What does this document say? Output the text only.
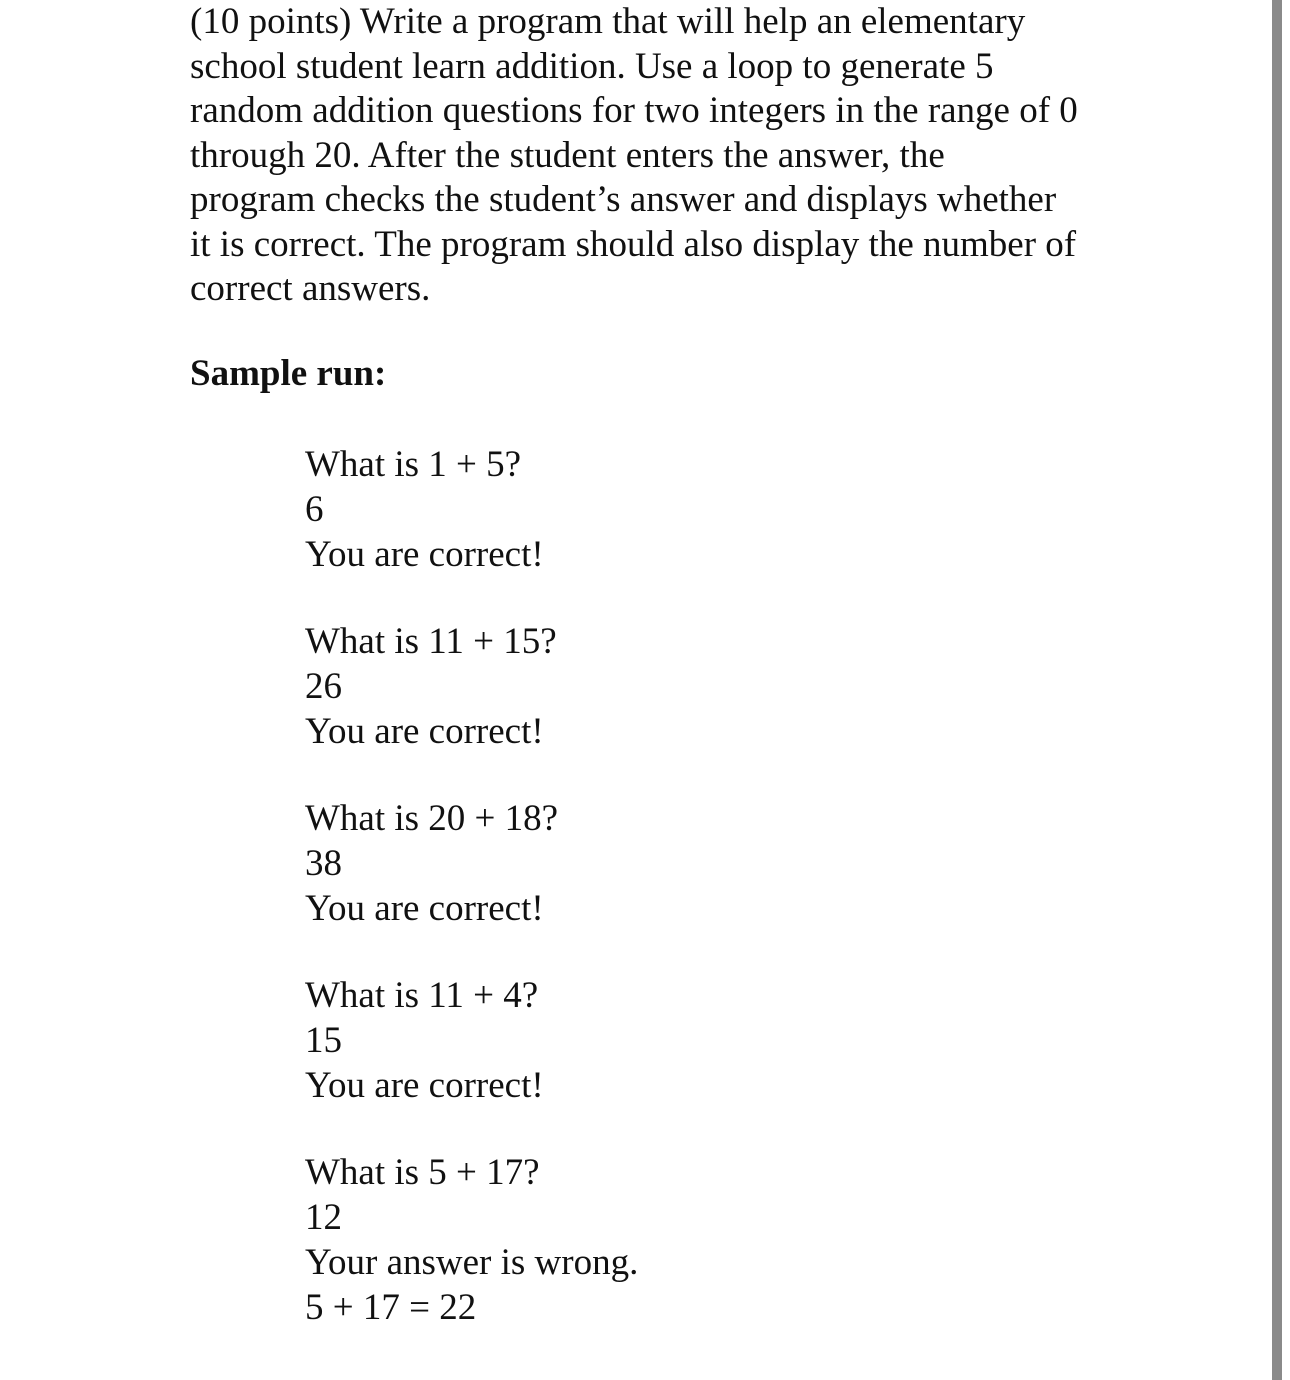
(10 points) Write a program that will help an elementary
school student learn addition. Use a loop to generate 5
random addition questions for two integers in the range of 0
through 20. After the student enters the answer, the
program checks the student’s answer and displays whether
it is correct. The program should also display the number of
correct answers.

Sample run:

What is 1 + 5?
6
You are correct!
What is 11 + 15?
26
You are correct!
What is 20 + 18?
38
You are correct!
What is 11 + 4?
15
You are correct!
What is 5 + 17?
12
Your answer is wrong.
5 + 17 = 22
